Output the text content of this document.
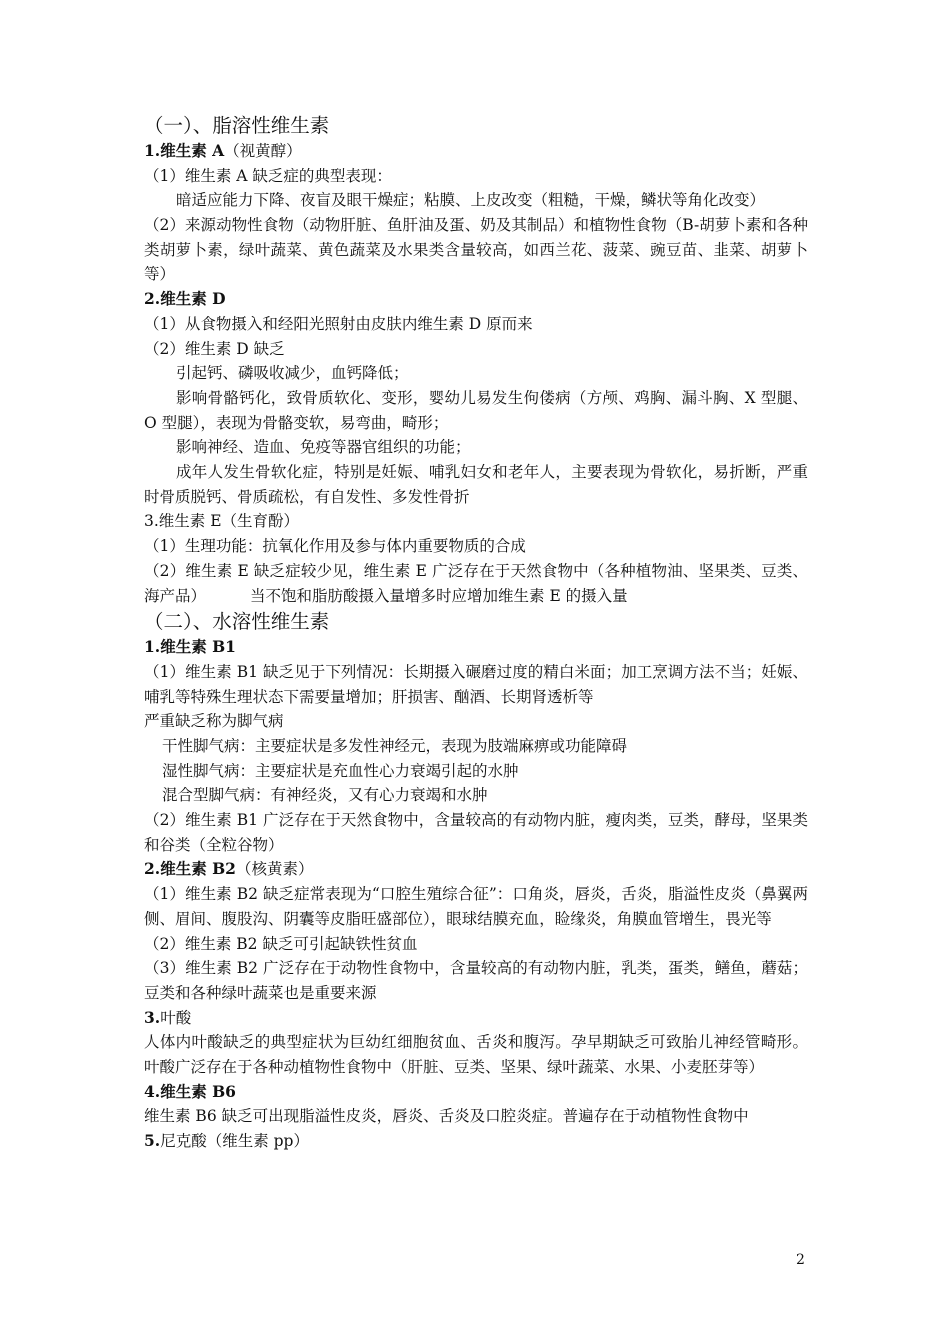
（一）、脂溶性维生素
1.维生素 A（视黄醇）
（1）维生素 A 缺乏症的典型表现：
暗适应能力下降、夜盲及眼干燥症；粘膜、上皮改变（粗糙，干燥，鳞状等角化改变）
（2）来源动物性食物（动物肝脏、鱼肝油及蛋、奶及其制品）和植物性食物（B-胡萝卜素和各种类胡萝卜素，绿叶蔬菜、黄色蔬菜及水果类含量较高，如西兰花、菠菜、豌豆苗、韭菜、胡萝卜等）
2.维生素 D
（1）从食物摄入和经阳光照射由皮肤内维生素 D 原而来
（2）维生素 D 缺乏
引起钙、磷吸收减少，血钙降低；
影响骨骼钙化，致骨质软化、变形，婴幼儿易发生佝偻病（方颅、鸡胸、漏斗胸、X 型腿、O 型腿），表现为骨骼变软，易弯曲，畸形；
影响神经、造血、免疫等器官组织的功能；
成年人发生骨软化症，特别是妊娠、哺乳妇女和老年人，主要表现为骨软化，易折断，严重时骨质脱钙、骨质疏松，有自发性、多发性骨折
3.维生素 E（生育酚）
（1）生理功能：抗氧化作用及参与体内重要物质的合成
（2）维生素 E 缺乏症较少见，维生素 E 广泛存在于天然食物中（各种植物油、坚果类、豆类、海产品）	当不饱和脂肪酸摄入量增多时应增加维生素 E 的摄入量
（二）、水溶性维生素
1.维生素 B1
（1）维生素 B1 缺乏见于下列情况：长期摄入碾磨过度的精白米面；加工烹调方法不当；妊娠、哺乳等特殊生理状态下需要量增加；肝损害、酗酒、长期肾透析等
严重缺乏称为脚气病
干性脚气病：主要症状是多发性神经元，表现为肢端麻痹或功能障碍
湿性脚气病：主要症状是充血性心力衰竭引起的水肿
混合型脚气病：有神经炎，又有心力衰竭和水肿
（2）维生素 B1 广泛存在于天然食物中，含量较高的有动物内脏，瘦肉类，豆类，酵母，坚果类和谷类（全粒谷物）
2.维生素 B2（核黄素）
（1）维生素 B2 缺乏症常表现为“口腔生殖综合征”：口角炎，唇炎，舌炎，脂溢性皮炎（鼻翼两侧、眉间、腹股沟、阴囊等皮脂旺盛部位），眼球结膜充血，睑缘炎，角膜血管增生，畏光等
（2）维生素 B2 缺乏可引起缺铁性贫血
（3）维生素 B2 广泛存在于动物性食物中，含量较高的有动物内脏，乳类，蛋类，鳝鱼，蘑菇；豆类和各种绿叶蔬菜也是重要来源
3.叶酸
人体内叶酸缺乏的典型症状为巨幼红细胞贫血、舌炎和腹泻。孕早期缺乏可致胎儿神经管畸形。叶酸广泛存在于各种动植物性食物中（肝脏、豆类、坚果、绿叶蔬菜、水果、小麦胚芽等）
4.维生素 B6
维生素 B6 缺乏可出现脂溢性皮炎，唇炎、舌炎及口腔炎症。普遍存在于动植物性食物中
5.尼克酸（维生素 pp）
2
